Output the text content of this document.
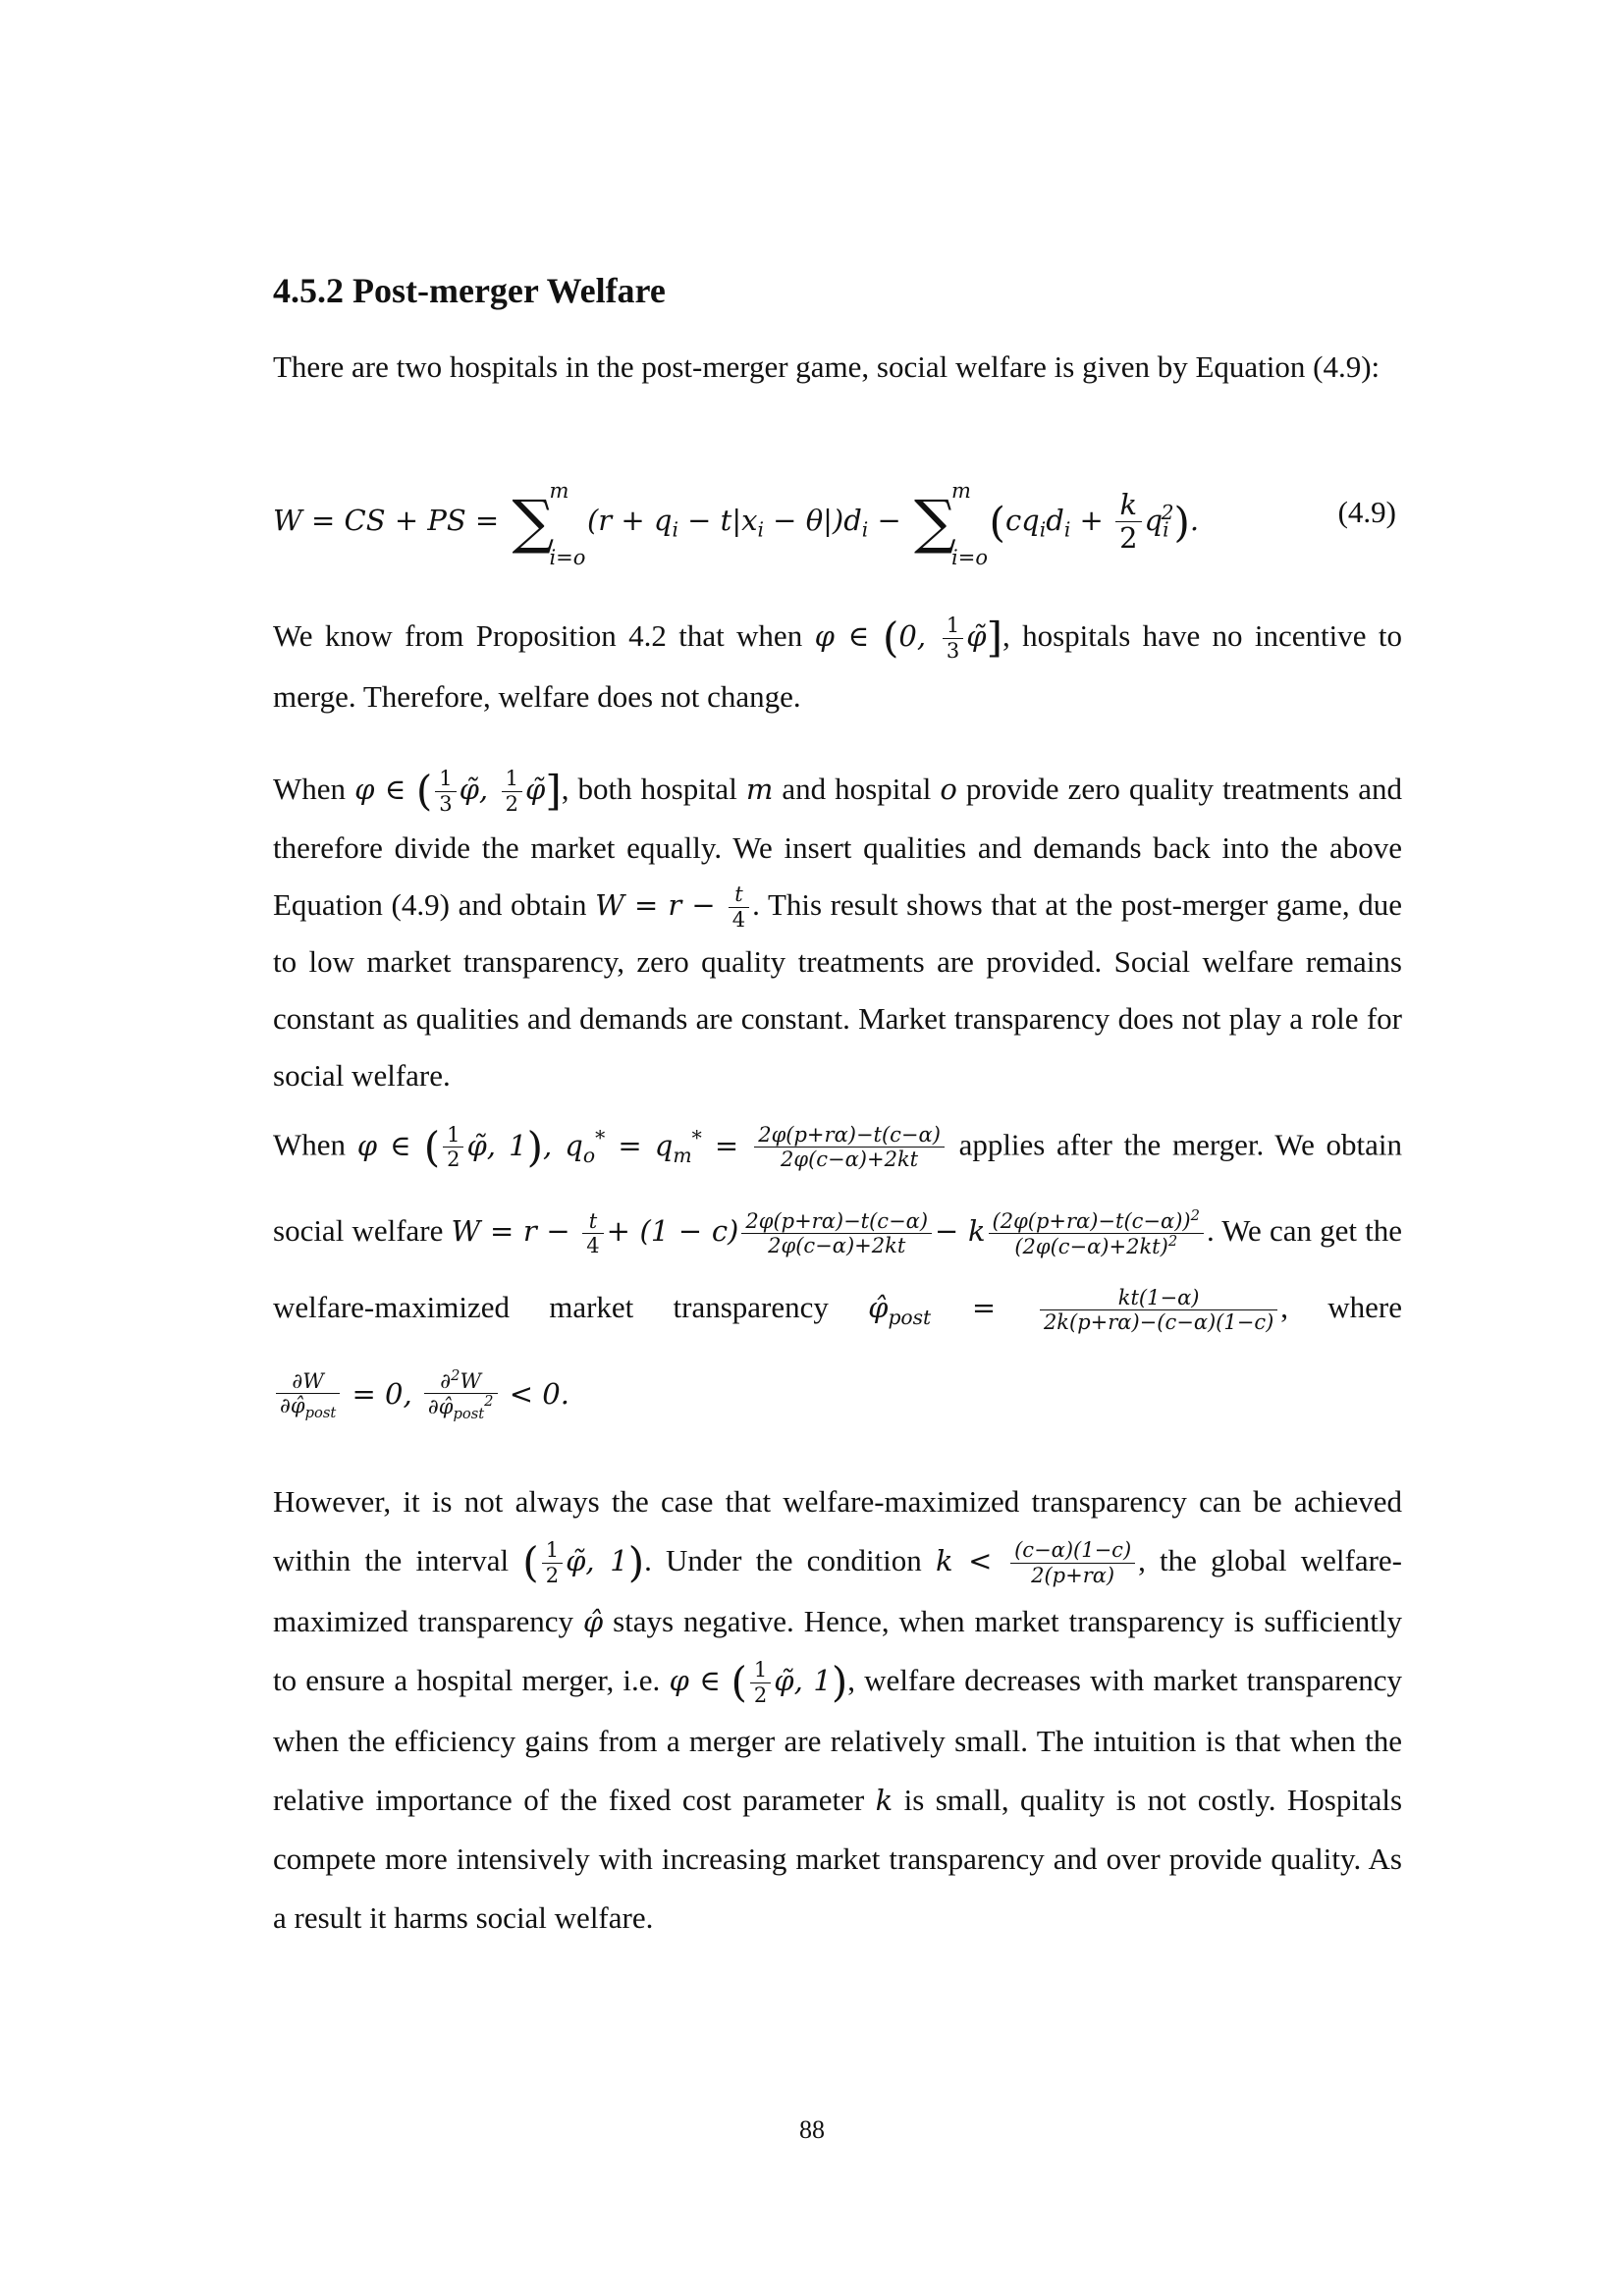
4.5.2 Post-merger Welfare

There are two hospitals in the post-merger game, social welfare is given by Equation (4.9):

W = CS + PS = ∑
m
i=o
$(r + q_i - t|x_i - \theta|)d_i$ − ∑
m
i=o
$(cq_id_i + \frac{k}{2} q_i^2)$.	(4.9)

We know from Proposition 4.2 that when φ ∈ (0, $\frac{1}{3}$ φ̃], hospitals have no incentive to merge. Therefore, welfare does not change.

When φ ∈ ( $\frac{1}{3}$ φ̃, $\frac{1}{2}$ φ̃], both hospital m and hospital o provide zero quality treatments and therefore divide the market equally. We insert qualities and demands back into the above Equation (4.9) and obtain $W = r - \frac{t}{4}$ . This result shows that at the post-merger game, due to low market transparency, zero quality treatments are provided. Social welfare remains constant as qualities and demands are constant. Market transparency does not play a role for social welfare.

When φ ∈ ( $\frac{1}{2}$ φ̃, 1), $q_o^* = q_m^* = \frac{2\varphi(p+r\alpha)-t(c-\alpha)}{2\varphi(c-\alpha)+2kt}$ applies after the merger. We obtain social welfare $W = r - \frac{t}{4} + (1 - c) \frac{2\varphi(p+r\alpha)-t(c-\alpha)}{2\varphi(c-\alpha)+2kt} - k \frac{(2\varphi(p+r\alpha)-t(c-\alpha))^2}{(2\varphi(c-\alpha)+2kt)^2}$ . We can get the welfare-maximized market transparency $\varphî_{post} = \frac{kt(1-\alpha)}{2k(p+r\alpha)-(c-\alpha)(1-c)}$ , where
$\frac{\partial W}{\partial\varphî_{post}} = 0$, $\frac{\partial^2W}{\partial\varphî_{post}^2} < 0$.

However, it is not always the case that welfare-maximized transparency can be achieved within the interval ( $\frac{1}{2}$ φ̃, 1). Under the condition $k < \frac{(c-\alpha)(1-c)}{2(p+r\alpha)}$ , the global welfare-maximized transparency φ̂ stays negative. Hence, when market transparency is sufficiently to ensure a hospital merger, i.e. φ ∈ ( $\frac{1}{2}$ φ̃, 1), welfare decreases with market transparency when the efficiency gains from a merger are relatively small. The intuition is that when the relative importance of the fixed cost parameter k is small, quality is not costly. Hospitals compete more intensively with increasing market transparency and over provide quality. As a result it harms social welfare.

88
